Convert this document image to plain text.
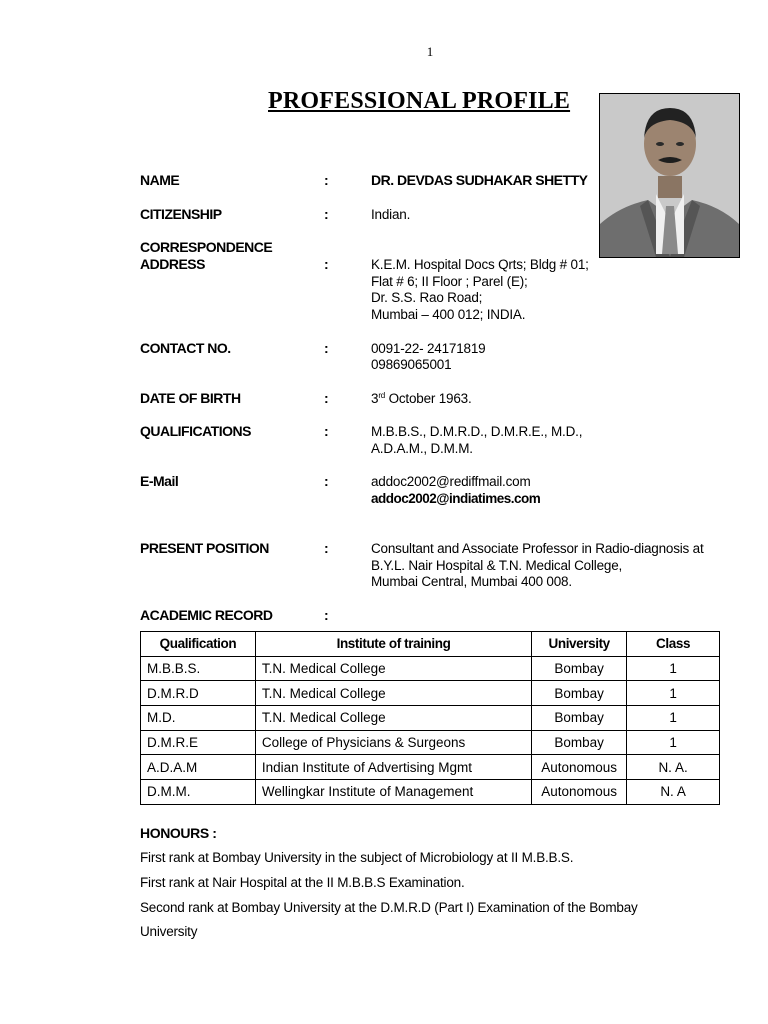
1
PROFESSIONAL PROFILE
NAME	:	DR. DEVDAS SUDHAKAR SHETTY
CITIZENSHIP	:	Indian.
CORRESPONDENCE
ADDRESS	:	K.E.M. Hospital Docs Qrts; Bldg # 01;
Flat # 6; II Floor ; Parel (E);
Dr. S.S. Rao Road;
Mumbai – 400 012; INDIA.
CONTACT NO.	:	0091-22- 24171819
09869065001
DATE OF BIRTH	:	3rd October 1963.
QUALIFICATIONS	:	M.B.B.S., D.M.R.D., D.M.R.E., M.D.,
A.D.A.M., D.M.M.
E-Mail	:	addoc2002@rediffmail.com
addoc2002@indiatimes.com
PRESENT POSITION	:	Consultant and Associate Professor in Radio-diagnosis at
B.Y.L. Nair Hospital & T.N. Medical College,
Mumbai Central, Mumbai 400 008.
ACADEMIC RECORD	:
Qualification	Institute of training	University	Class
M.B.B.S.	T.N. Medical College	Bombay	1
D.M.R.D	T.N. Medical College	Bombay	1
M.D.	T.N. Medical College	Bombay	1
D.M.R.E	College of Physicians & Surgeons	Bombay	1
A.D.A.M	Indian Institute of Advertising Mgmt	Autonomous	N. A.
D.M.M.	Wellingkar Institute of Management	Autonomous	N. A
HONOURS :
First rank at Bombay University in the subject of Microbiology at II M.B.B.S.
First rank at Nair Hospital at the II M.B.B.S Examination.
Second rank at Bombay University at the D.M.R.D (Part I) Examination of the Bombay
University
